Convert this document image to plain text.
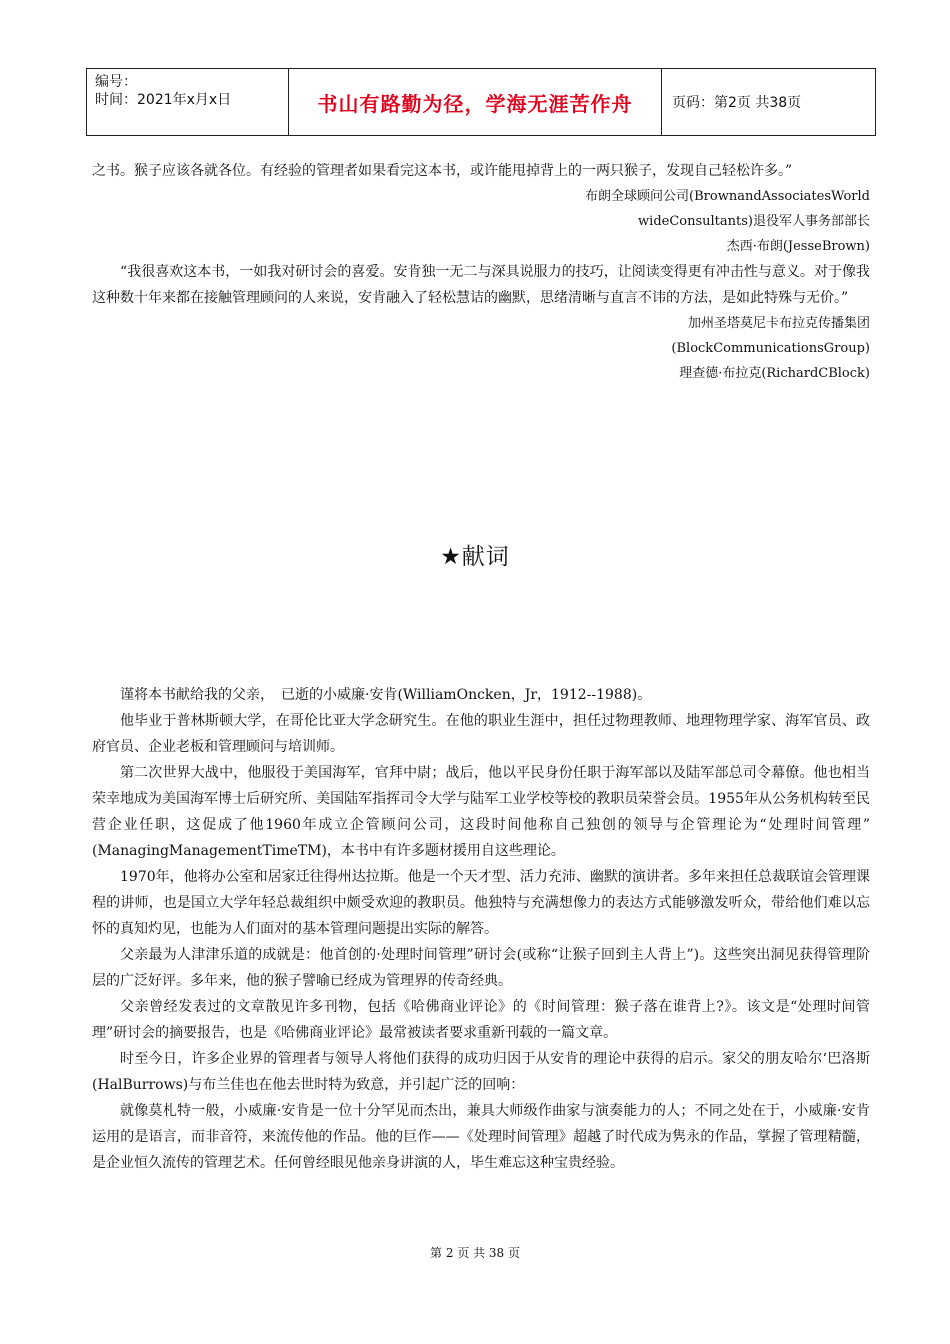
编号：
时间：2021年x月x日	书山有路勤为径，学海无涯苦作舟	页码：第2页 共38页

之书。猴子应该各就各位。有经验的管理者如果看完这本书，或许能甩掉背上的一两只猴子，发现自己轻松许多。”

布朗全球顾问公司(BrownandAssociatesWorld
wideConsultants)退役军人事务部部长
杰西·布朗(JesseBrown)

“我很喜欢这本书，一如我对研讨会的喜爱。安肯独一无二与深具说服力的技巧，让阅读变得更有冲击性与意义。对于像我这种数十年来都在接触管理顾问的人来说，安肯融入了轻松慧诘的幽默，思绪清晰与直言不讳的方法，是如此特殊与无价。”

加州圣塔莫尼卡布拉克传播集团
(BlockCommunicationsGroup)
理查德·布拉克(RichardCBlock)
★献词

谨将本书献给我的父亲，　已逝的小威廉·安肯(WilliamOncken，Jr，1912--1988)。

他毕业于普林斯顿大学，在哥伦比亚大学念研究生。在他的职业生涯中，担任过物理教师、地理物理学家、海军官员、政府官员、企业老板和管理顾问与培训师。

第二次世界大战中，他服役于美国海军，官拜中尉；战后，他以平民身份任职于海军部以及陆军部总司令幕僚。他也相当荣幸地成为美国海军博士后研究所、美国陆军指挥司令大学与陆军工业学校等校的教职员荣誉会员。1955年从公务机构转至民营企业任职，这促成了他1960年成立企管顾问公司，这段时间他称自己独创的领导与企管理论为“处理时间管理” (ManagingManagementTimeTM)，本书中有许多题材援用自这些理论。

1970年，他将办公室和居家迁往得州达拉斯。他是一个天才型、活力充沛、幽默的演讲者。多年来担任总裁联谊会管理课程的讲师，也是国立大学年轻总裁组织中颇受欢迎的教职员。他独特与充满想像力的表达方式能够激发听众，带给他们难以忘怀的真知灼见，也能为人们面对的基本管理问题提出实际的解答。

父亲最为人津津乐道的成就是：他首创的·处理时间管理”研讨会(或称“让猴子回到主人背上”)。这些突出洞见获得管理阶层的广泛好评。多年来，他的猴子譬喻已经成为管理界的传奇经典。

父亲曾经发表过的文章散见许多刊物，包括《哈佛商业评论》的《时间管理：猴子落在谁背上?》。该文是“处理时间管理”研讨会的摘要报告，也是《哈佛商业评论》最常被读者要求重新刊载的一篇文章。

时至今日，许多企业界的管理者与领导人将他们获得的成功归因于从安肯的理论中获得的启示。家父的朋友哈尔‘巴洛斯(HalBurrows)与布兰佳也在他去世时特为致意，并引起广泛的回响：

就像莫札特一般，小威廉·安肯是一位十分罕见而杰出，兼具大师级作曲家与演奏能力的人；不同之处在于，小威廉·安肯运用的是语言，而非音符，来流传他的作品。他的巨作——《处理时间管理》超越了时代成为隽永的作品，掌握了管理精髓，是企业恒久流传的管理艺术。任何曾经眼见他亲身讲演的人，毕生难忘这种宝贵经验。

第 2 页 共 38 页
